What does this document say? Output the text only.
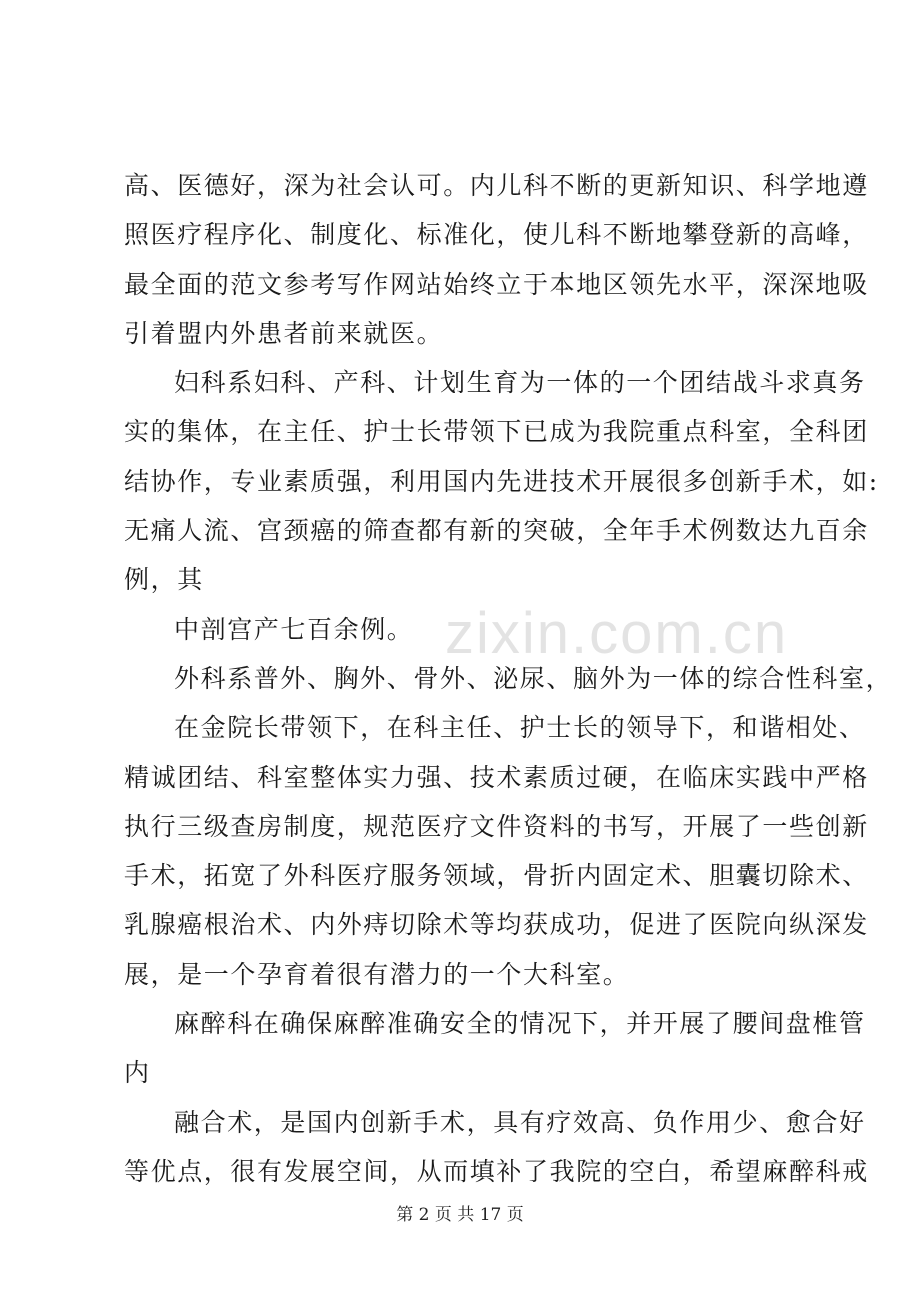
高、医德好，深为社会认可。内儿科不断的更新知识、科学地遵
照医疗程序化、制度化、标准化，使儿科不断地攀登新的高峰，
最全面的范文参考写作网站始终立于本地区领先水平，深深地吸
引着盟内外患者前来就医。
妇科系妇科、产科、计划生育为一体的一个团结战斗求真务
实的集体，在主任、护士长带领下已成为我院重点科室，全科团
结协作，专业素质强，利用国内先进技术开展很多创新手术，如:
无痛人流、宫颈癌的筛查都有新的突破，全年手术例数达九百余
例，其
中剖宫产七百余例。
外科系普外、胸外、骨外、泌尿、脑外为一体的综合性科室，
在金院长带领下，在科主任、护士长的领导下，和谐相处、
精诚团结、科室整体实力强、技术素质过硬，在临床实践中严格
执行三级查房制度，规范医疗文件资料的书写，开展了一些创新
手术，拓宽了外科医疗服务领域，骨折内固定术、胆囊切除术、
乳腺癌根治术、内外痔切除术等均获成功，促进了医院向纵深发
展，是一个孕育着很有潜力的一个大科室。
麻醉科在确保麻醉准确安全的情况下，并开展了腰间盘椎管
内
融合术，是国内创新手术，具有疗效高、负作用少、愈合好
等优点，很有发展空间，从而填补了我院的空白，希望麻醉科戒
zixin.com.cn
第 2 页 共 17 页
